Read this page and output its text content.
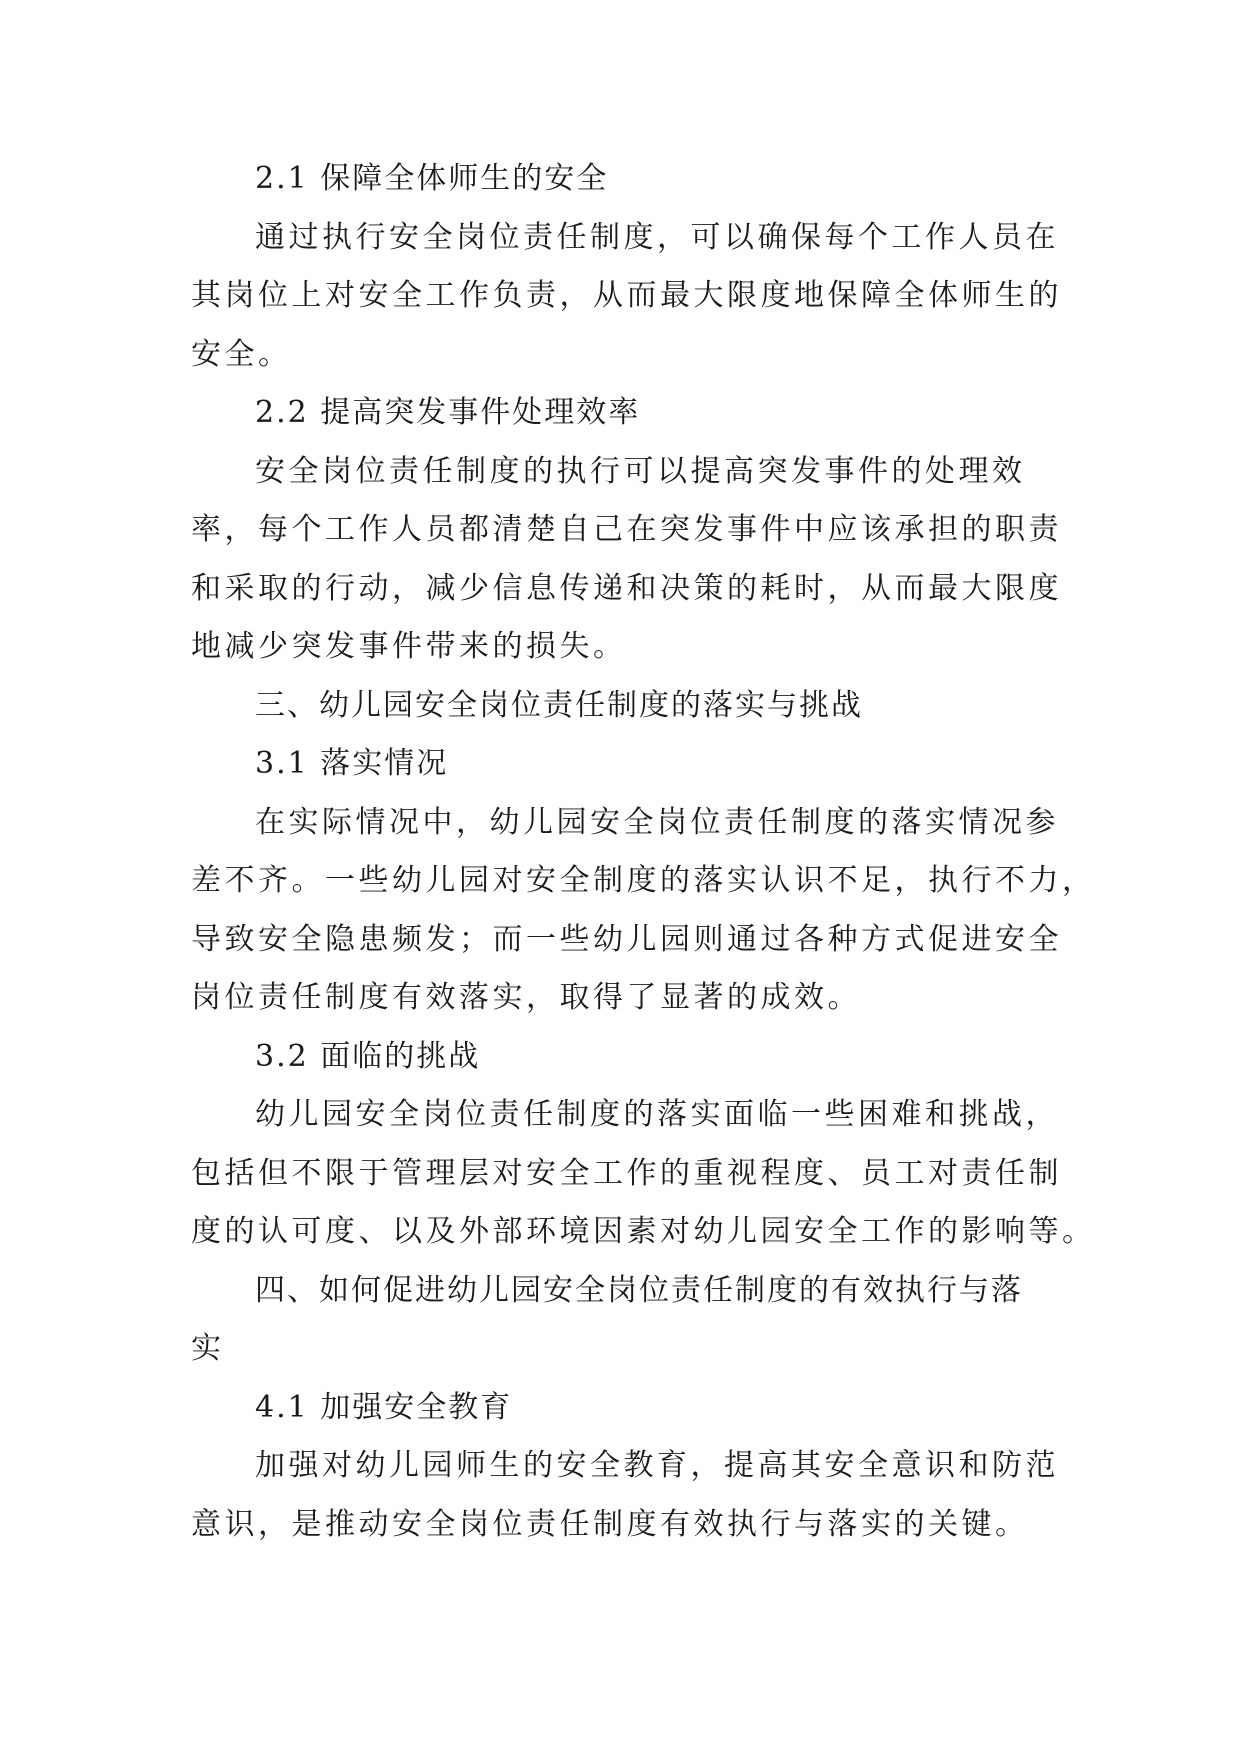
2.1 保障全体师生的安全
通过执行安全岗位责任制度，可以确保每个工作人员在
其岗位上对安全工作负责，从而最大限度地保障全体师生的
安全。
2.2 提高突发事件处理效率
安全岗位责任制度的执行可以提高突发事件的处理效
率，每个工作人员都清楚自己在突发事件中应该承担的职责
和采取的行动，减少信息传递和决策的耗时，从而最大限度
地减少突发事件带来的损失。
三、幼儿园安全岗位责任制度的落实与挑战
3.1 落实情况
在实际情况中，幼儿园安全岗位责任制度的落实情况参
差不齐。一些幼儿园对安全制度的落实认识不足，执行不力，
导致安全隐患频发；而一些幼儿园则通过各种方式促进安全
岗位责任制度有效落实，取得了显著的成效。
3.2 面临的挑战
幼儿园安全岗位责任制度的落实面临一些困难和挑战，
包括但不限于管理层对安全工作的重视程度、员工对责任制
度的认可度、以及外部环境因素对幼儿园安全工作的影响等。
四、如何促进幼儿园安全岗位责任制度的有效执行与落
实
4.1 加强安全教育
加强对幼儿园师生的安全教育，提高其安全意识和防范
意识，是推动安全岗位责任制度有效执行与落实的关键。
